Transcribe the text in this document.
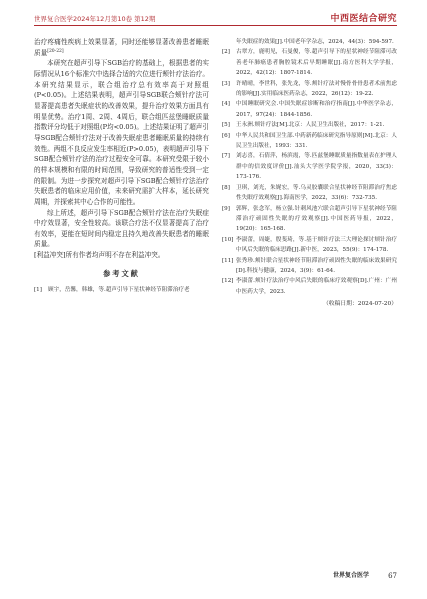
世界复合医学2024年12月第10卷 第12期	中西医结合研究

治疗疼痛性疾病上效果显著，同时还能够显著改善患者睡眠质量[20-22]

本研究在超声引导下SGB治疗的基础上，根据患者的实际情况从16个标准穴中选择合适的穴位进行颊针疗法治疗。本研究结果显示，联合组治疗总有效率高于对照组(P<0.05)。上述结果表明，超声引导SGB联合颊针疗法可显著提高患者失眠症状的改善效果，提升治疗效果方面具有明显优势。治疗1周、2周、4周后，联合组匹兹堡睡眠质量指数评分均低于对照组(P均<0.05)。上述结果证明了超声引导SGB配合颊针疗法对于改善失眠症患者睡眠质量的持续有效性。两组不良反应发生率相近(P>0.05)，表明超声引导下SGB配合颊针疗法的治疗过程安全可靠。本研究受限于较小的样本规模和有限的时间范围，导致研究的普适性受到一定的限制。为进一步探究对超声引导下SGB配合颊针疗法治疗失眠患者的临床应用价值，未来研究需扩大样本，延长研究周期，并探索其中心合作的可能性。

综上所述，超声引导下SGB配合颊针疗法在治疗失眠症中疗效显著，安全性较高。该联合疗法不仅显著提高了治疗有效率，更能在短时间内稳定且持久地改善失眠患者的睡眠质量。

[利益冲突]所有作者均声明不存在利益冲突。

参考文献
[1] 顾宇，岳馨，韩雄，等.超声引导下星状神经节阻滞治疗老
年失眠症的效果[J].中国老年学杂志，2024，44(3)：594-597.
[2] 古翠方，鹿明见，石曼俊，等.超声引导下的星状神经节阻滞可改善老年肺癌患者胸腔镜术后早期睡眠[J].南方医科大学学报，2022，42(12)：1807-1814.
[3] 许晴晴，李世科，张先龙，等.颊针疗法对慢骨骨骨患者术前焦虑的影响[J].实用临床医药杂志，2022，26(12)：19-22.
[4] 中国睡眠研究会.中国失眠症诊断和治疗指南[J].中华医学杂志，2017，97(24)：1844-1856.
[5] 王永洲.颊针疗法[M].北京：人民卫生出版社，2017：1-21.
[6] 中华人民共和国卫生部.中药新药临床研究指导原则[M].北京：人民卫生出版社，1993：331.
[7] 刘志喜，石倩萍，杨滨霞，等.匹兹堡睡眠质量指数量表在护理人群中的信效度评价[J].汕头大学医学院学报，2020，33(3)：173-176.
[8] 卫琪，刘光，朱娓宏，等.乌灵胶囊联合星状神经节阻滞治疗焦虑性失眠疗效观察[J].海南医学，2022，33(6)：732-735.
[9] 郭辉，张念军，杨立强.针刺风池穴联合超声引导下星状神经节阻滞治疗顽固性失眠的疗效观察[J].中国医药导报，2022，19(20)：165-168.
[10] 李淑蕾，周婕，殷斐琦，等.基于颊针疗法三大理论探讨颊针治疗中风后失眠的临床思路[J].新中医，2023，55(9)：174-178.
[11] 张秀珍.颊针联合星状神经节阻滞治疗顽固性失眠的临床效果研究[D].科技与健康，2024，3(9)：61-64.
[12] 李淑蕾.颊针疗法治疗中风后失眠的临床疗效观察[D].广州：广州中医药大学，2023.
（收稿日期：2024-07-20）
世界复合医学	67
